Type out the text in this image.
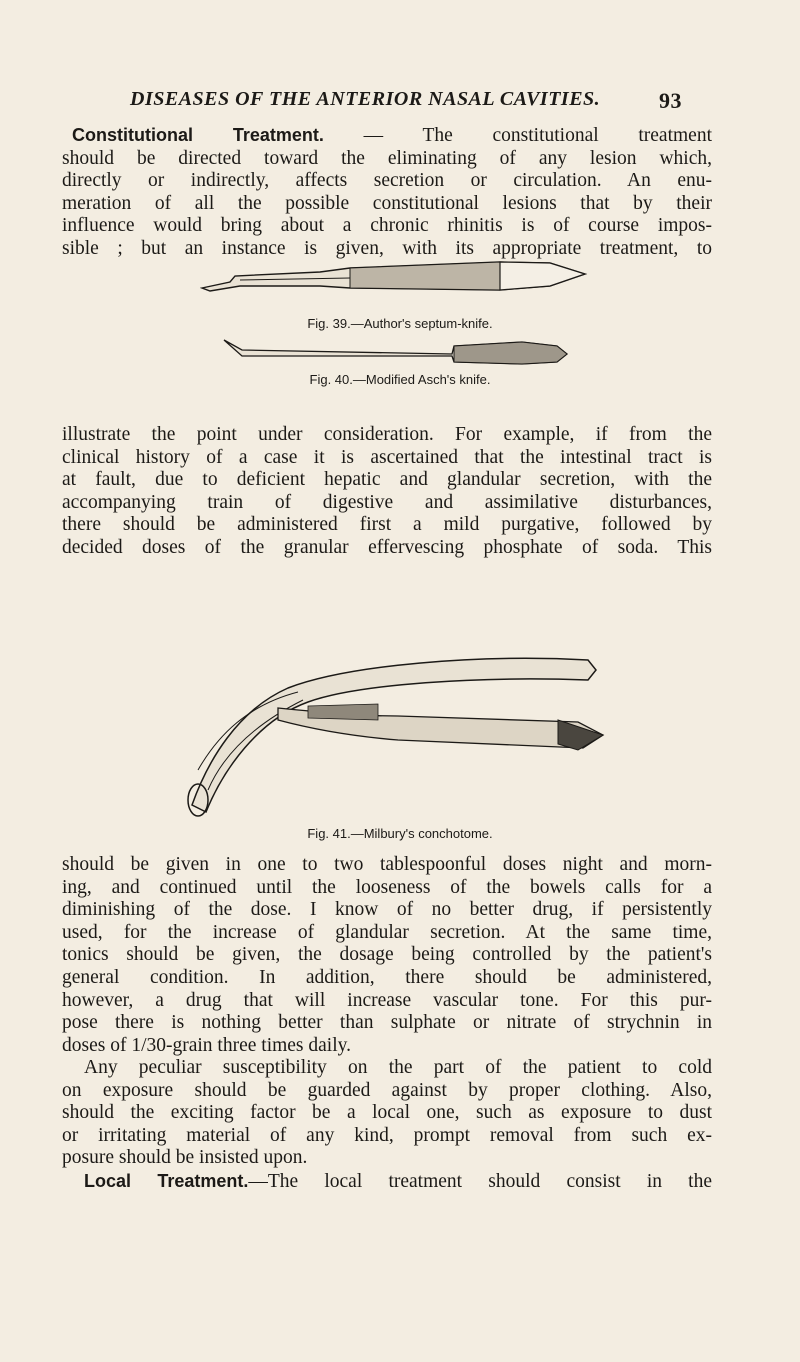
DISEASES OF THE ANTERIOR NASAL CAVITIES.	93
Constitutional Treatment. — The constitutional treatment
should be directed toward the eliminating of any lesion which,
directly or indirectly, affects secretion or circulation. An enu-
meration of all the possible constitutional lesions that by their
influence would bring about a chronic rhinitis is of course impos-
sible ; but an instance is given, with its appropriate treatment, to
Fig. 39.—Author's septum-knife.
Fig. 40.—Modified Asch's knife.
illustrate the point under consideration. For example, if from the
clinical history of a case it is ascertained that the intestinal tract is
at fault, due to deficient hepatic and glandular secretion, with the
accompanying train of digestive and assimilative disturbances,
there should be administered first a mild purgative, followed by
decided doses of the granular effervescing phosphate of soda. This
Fig. 41.—Milbury's conchotome.
should be given in one to two tablespoonful doses night and morn-
ing, and continued until the looseness of the bowels calls for a
diminishing of the dose. I know of no better drug, if persistently
used, for the increase of glandular secretion. At the same time,
tonics should be given, the dosage being controlled by the patient's
general condition. In addition, there should be administered,
however, a drug that will increase vascular tone. For this pur-
pose there is nothing better than sulphate or nitrate of strychnin in
doses of 1/30-grain three times daily.
Any peculiar susceptibility on the part of the patient to cold
on exposure should be guarded against by proper clothing. Also,
should the exciting factor be a local one, such as exposure to dust
or irritating material of any kind, prompt removal from such ex-
posure should be insisted upon.
Local Treatment.—The local treatment should consist in the
